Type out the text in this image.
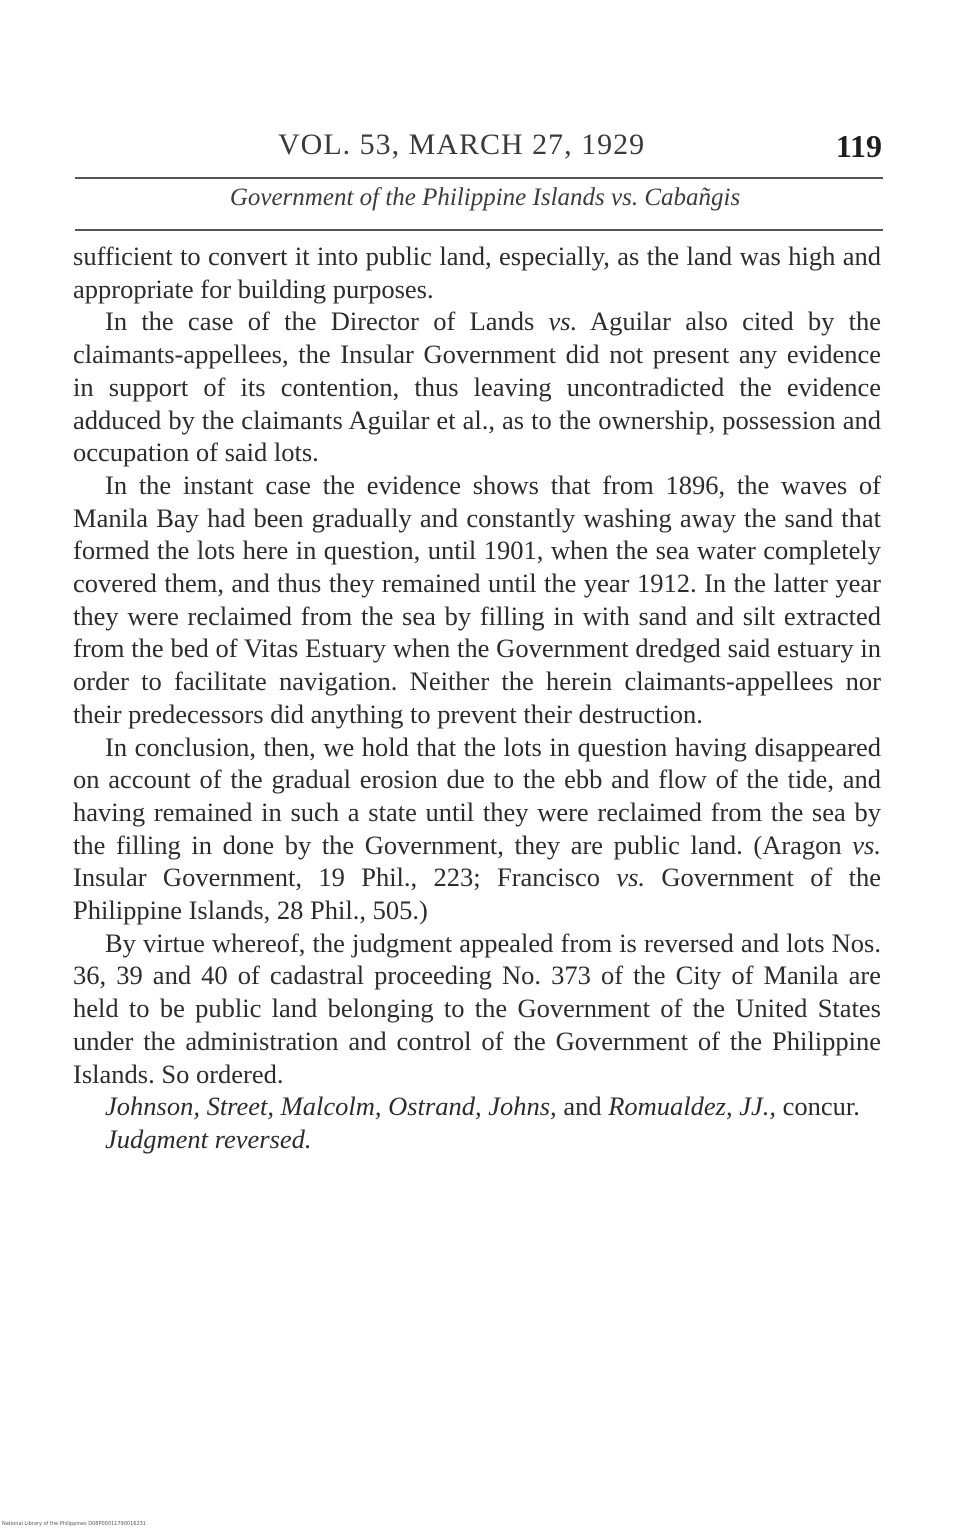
VOL. 53, MARCH 27, 1929	119
Government of the Philippine Islands vs. Cabañgis

sufficient to convert it into public land, especially, as the land was high and appropriate for building purposes.

In the case of the Director of Lands vs. Aguilar also cited by the claimants-appellees, the Insular Government did not present any evidence in support of its contention, thus leaving uncontradicted the evidence adduced by the claimants Aguilar et al., as to the ownership, possession and occupation of said lots.

In the instant case the evidence shows that from 1896, the waves of Manila Bay had been gradually and constantly washing away the sand that formed the lots here in question, until 1901, when the sea water completely covered them, and thus they remained until the year 1912. In the latter year they were reclaimed from the sea by filling in with sand and silt extracted from the bed of Vitas Estuary when the Government dredged said estuary in order to facilitate navigation. Neither the herein claimants-appellees nor their predecessors did anything to prevent their destruction.

In conclusion, then, we hold that the lots in question having disappeared on account of the gradual erosion due to the ebb and flow of the tide, and having remained in such a state until they were reclaimed from the sea by the filling in done by the Government, they are public land. (Aragon vs. Insular Government, 19 Phil., 223; Francisco vs. Government of the Philippine Islands, 28 Phil., 505.)

By virtue whereof, the judgment appealed from is reversed and lots Nos. 36, 39 and 40 of cadastral proceeding No. 373 of the City of Manila are held to be public land belonging to the Government of the United States under the administration and control of the Government of the Philippine Islands. So ordered.

Johnson, Street, Malcolm, Ostrand, Johns, and Romualdez, JJ., concur.

Judgment reversed.

National Library of the Philippines D08P00011790016231
